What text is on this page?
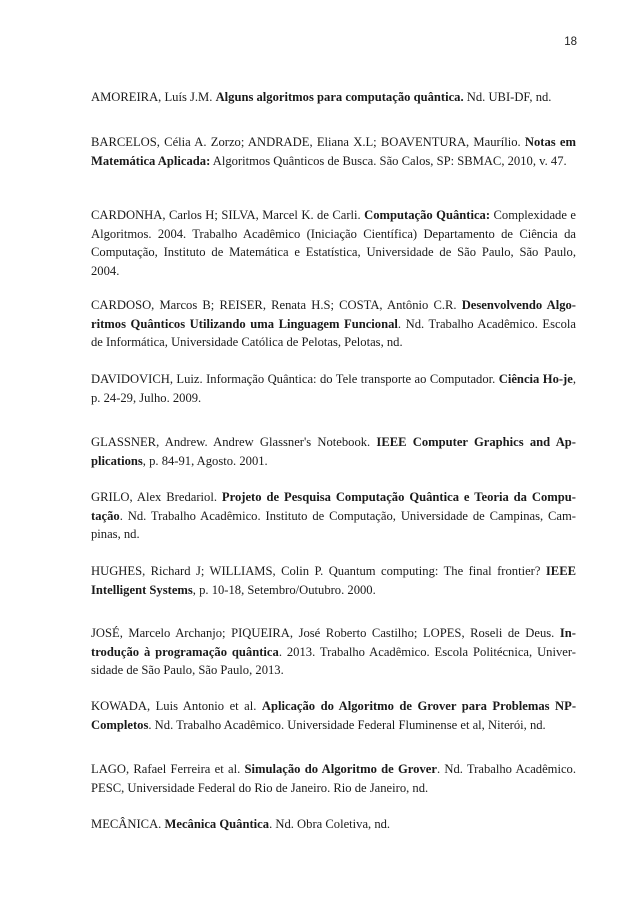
18

AMOREIRA, Luís J.M. Alguns algoritmos para computação quântica. Nd. UBI-DF, nd.

BARCELOS, Célia A. Zorzo; ANDRADE, Eliana X.L; BOAVENTURA, Maurílio. Notas em Matemática Aplicada: Algoritmos Quânticos de Busca. São Calos, SP: SBMAC, 2010, v. 47.

CARDONHA, Carlos H; SILVA, Marcel K. de Carli. Computação Quântica: Complexidade e Algoritmos. 2004. Trabalho Acadêmico (Iniciação Científica) Departamento de Ciência da Computação, Instituto de Matemática e Estatística, Universidade de São Paulo, São Paulo, 2004.

CARDOSO, Marcos B; REISER, Renata H.S; COSTA, Antônio C.R. Desenvolvendo Algo-ritmos Quânticos Utilizando uma Linguagem Funcional. Nd. Trabalho Acadêmico. Escola de Informática, Universidade Católica de Pelotas, Pelotas, nd.

DAVIDOVICH, Luiz. Informação Quântica: do Tele transporte ao Computador. Ciência Ho-je, p. 24-29, Julho. 2009.

GLASSNER, Andrew. Andrew Glassner's Notebook. IEEE Computer Graphics and Ap-plications, p. 84-91, Agosto. 2001.

GRILO, Alex Bredariol. Projeto de Pesquisa Computação Quântica e Teoria da Compu-tação. Nd. Trabalho Acadêmico. Instituto de Computação, Universidade de Campinas, Cam-pinas, nd.

HUGHES, Richard J; WILLIAMS, Colin P. Quantum computing: The final frontier? IEEE Intelligent Systems, p. 10-18, Setembro/Outubro. 2000.

JOSÉ, Marcelo Archanjo; PIQUEIRA, José Roberto Castilho; LOPES, Roseli de Deus. In-trodução à programação quântica. 2013. Trabalho Acadêmico. Escola Politécnica, Univer-sidade de São Paulo, São Paulo, 2013.

KOWADA, Luis Antonio et al. Aplicação do Algoritmo de Grover para Problemas NP-Completos. Nd. Trabalho Acadêmico. Universidade Federal Fluminense et al, Niterói, nd.

LAGO, Rafael Ferreira et al. Simulação do Algoritmo de Grover. Nd. Trabalho Acadêmico. PESC, Universidade Federal do Rio de Janeiro. Rio de Janeiro, nd.

MECÂNICA. Mecânica Quântica. Nd. Obra Coletiva, nd.
